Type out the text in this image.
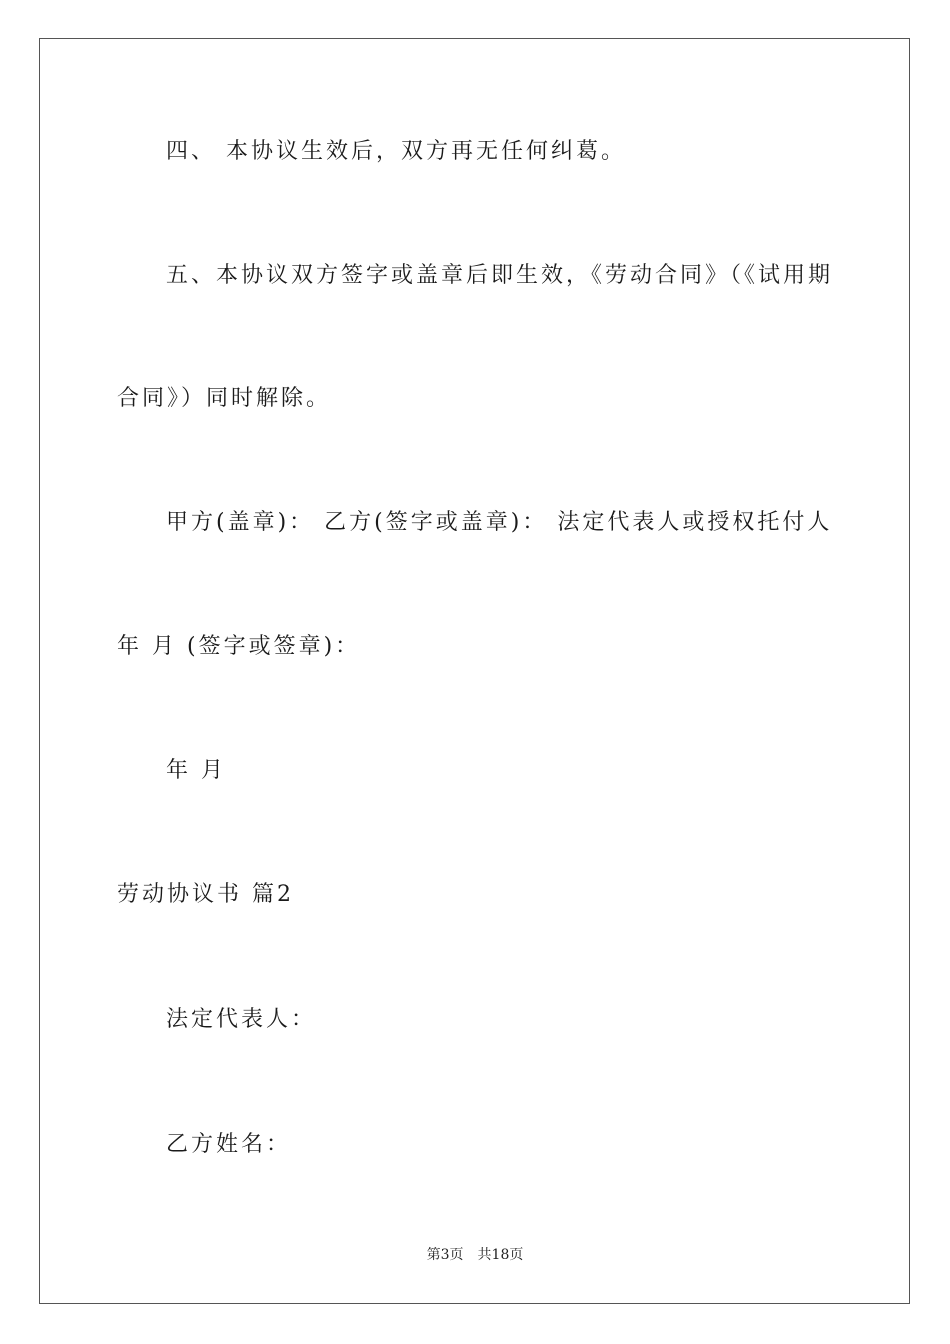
四、 本协议生效后，双方再无任何纠葛。
五、本协议双方签字或盖章后即生效，《劳动合同》（《试用期
合同》）同时解除。
甲方(盖章)： 乙方(签字或盖章)： 法定代表人或授权托付人
年 月 (签字或签章)：
年 月
劳动协议书 篇2
法定代表人：
乙方姓名：
第3页 共18页
